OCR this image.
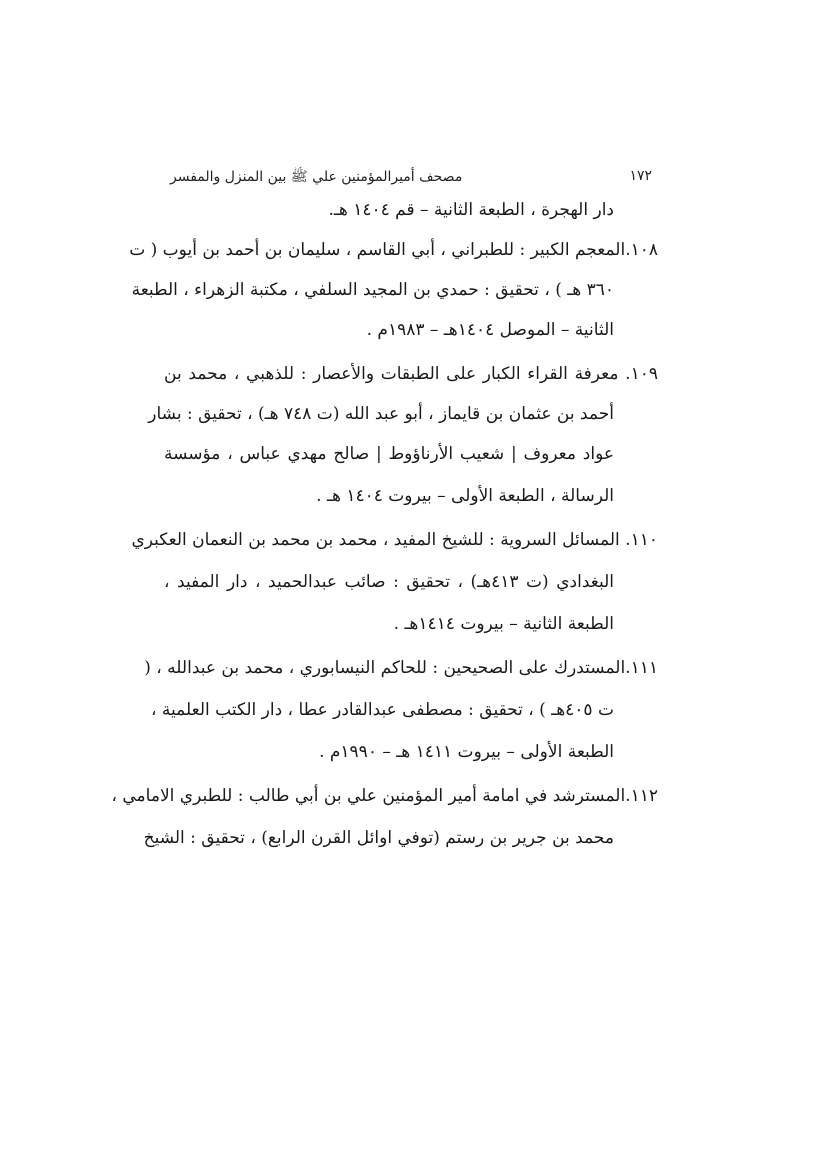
١٧٢
مصحف أميرالمؤمنين علي ﷺ بين المنزل والمفسر
دار الهجرة ، الطبعة الثانية – قم ١٤٠٤ هـ.
١٠٨.المعجم الكبير : للطبراني ، أبي القاسم ، سليمان بن أحمد بن أيوب ( ت
٣٦٠ هـ ) ، تحقيق : حمدي بن المجيد السلفي ، مكتبة الزهراء ، الطبعة
الثانية – الموصل ١٤٠٤هـ – ١٩٨٣م .
١٠٩. معرفة القراء الكبار على الطبقات والأعصار : للذهبي ، محمد بن
أحمد بن عثمان بن قايماز ، أبو عبد الله (ت ٧٤٨ هـ) ، تحقيق : بشار
عواد معروف | شعيب الأرناؤوط | صالح مهدي عباس ، مؤسسة
الرسالة ، الطبعة الأولى – بيروت ١٤٠٤ هـ .
١١٠. المسائل السروية : للشيخ المفيد ، محمد بن محمد بن النعمان العكبري
البغدادي (ت ٤١٣هـ) ، تحقيق : صائب عبدالحميد ، دار المفيد ،
الطبعة الثانية – بيروت ١٤١٤هـ .
١١١.المستدرك على الصحيحين : للحاكم النيسابوري ، محمد بن عبدالله ، (
ت ٤٠٥هـ ) ، تحقيق : مصطفى عبدالقادر عطا ، دار الكتب العلمية ،
الطبعة الأولى – بيروت ١٤١١ هـ – ١٩٩٠م .
١١٢.المسترشد في امامة أمير المؤمنين علي بن أبي طالب : للطبري الامامي ،
محمد بن جرير بن رستم (توفي اوائل القرن الرابع) ، تحقيق : الشيخ
